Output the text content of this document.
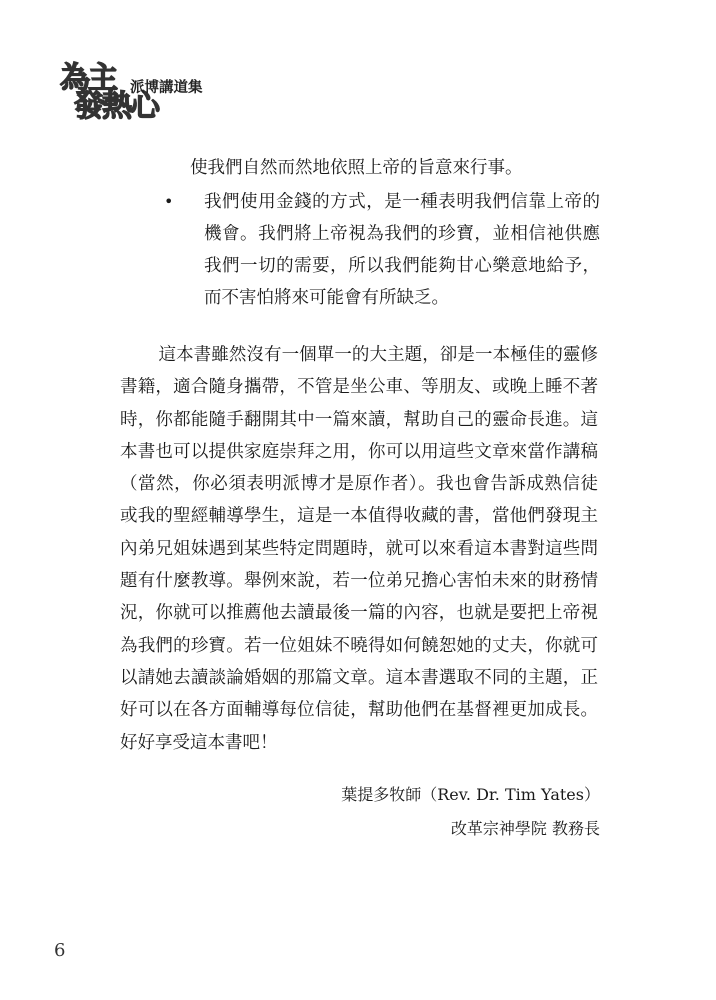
為主
發熱心
派博講道集
使我們自然而然地依照上帝的旨意來行事。
•	我們使用金錢的方式，是一種表明我們信靠上帝的機會。我們將上帝視為我們的珍寶，並相信祂供應我們一切的需要，所以我們能夠甘心樂意地給予，而不害怕將來可能會有所缺乏。
這本書雖然沒有一個單一的大主題，卻是一本極佳的靈修書籍，適合隨身攜帶，不管是坐公車、等朋友、或晚上睡不著時，你都能隨手翻開其中一篇來讀，幫助自己的靈命長進。這本書也可以提供家庭崇拜之用，你可以用這些文章來當作講稿（當然，你必須表明派博才是原作者）。我也會告訴成熟信徒或我的聖經輔導學生，這是一本值得收藏的書，當他們發現主內弟兄姐妹遇到某些特定問題時，就可以來看這本書對這些問題有什麼教導。舉例來說，若一位弟兄擔心害怕未來的財務情況，你就可以推薦他去讀最後一篇的內容，也就是要把上帝視為我們的珍寶。若一位姐妹不曉得如何饒恕她的丈夫，你就可以請她去讀談論婚姻的那篇文章。這本書選取不同的主題，正好可以在各方面輔導每位信徒，幫助他們在基督裡更加成長。好好享受這本書吧！
葉提多牧師（Rev. Dr. Tim Yates）
改革宗神學院 教務長
6
